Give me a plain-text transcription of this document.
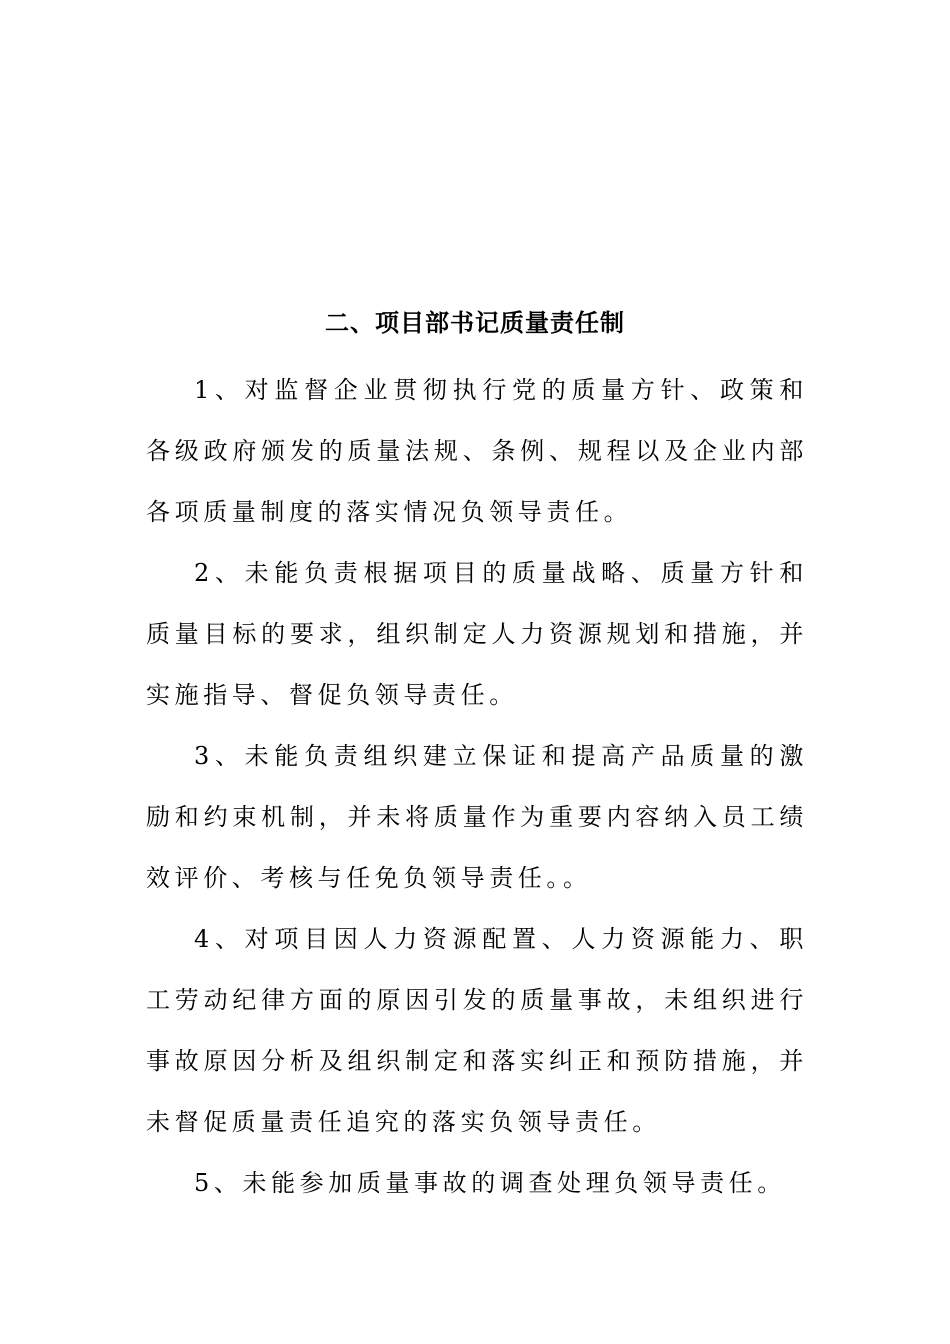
二、项目部书记质量责任制

1、对监督企业贯彻执行党的质量方针、政策和各级政府颁发的质量法规、条例、规程以及企业内部各项质量制度的落实情况负领导责任。

2、未能负责根据项目的质量战略、质量方针和质量目标的要求，组织制定人力资源规划和措施，并实施指导、督促负领导责任。

3、未能负责组织建立保证和提高产品质量的激励和约束机制，并未将质量作为重要内容纳入员工绩效评价、考核与任免负领导责任。。

4、对项目因人力资源配置、人力资源能力、职工劳动纪律方面的原因引发的质量事故，未组织进行事故原因分析及组织制定和落实纠正和预防措施，并未督促质量责任追究的落实负领导责任。

5、未能参加质量事故的调查处理负领导责任。
